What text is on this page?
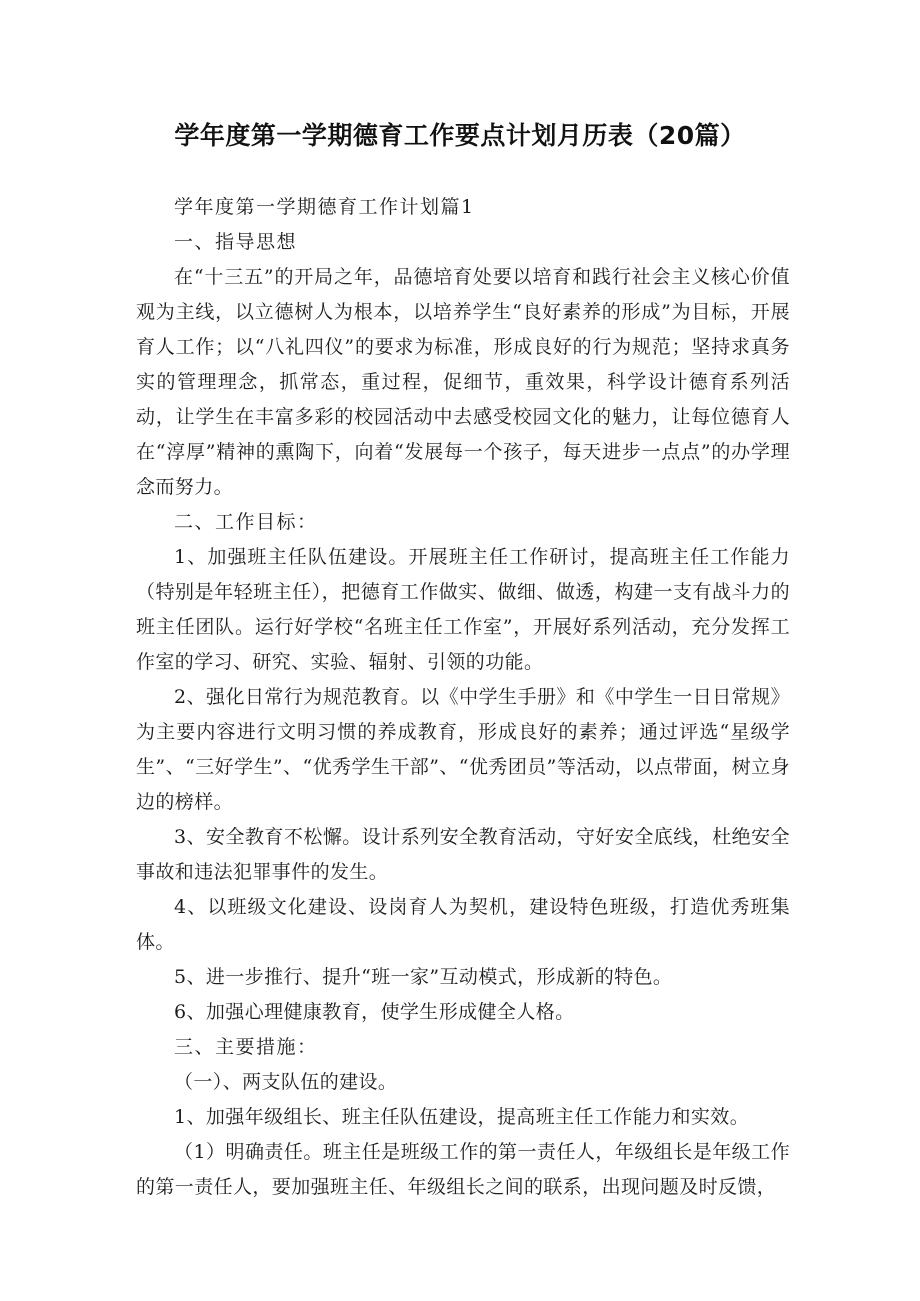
学年度第一学期德育工作要点计划月历表（20篇）

学年度第一学期德育工作计划篇1

一、指导思想

在“十三五”的开局之年，品德培育处要以培育和践行社会主义核心价值观为主线，以立德树人为根本，以培养学生“良好素养的形成”为目标，开展育人工作；以“八礼四仪”的要求为标准，形成良好的行为规范；坚持求真务实的管理理念，抓常态，重过程，促细节，重效果，科学设计德育系列活动，让学生在丰富多彩的校园活动中去感受校园文化的魅力，让每位德育人在“淳厚”精神的熏陶下，向着“发展每一个孩子，每天进步一点点”的办学理念而努力。

二、工作目标：

1、加强班主任队伍建设。开展班主任工作研讨，提高班主任工作能力（特别是年轻班主任），把德育工作做实、做细、做透，构建一支有战斗力的班主任团队。运行好学校“名班主任工作室”，开展好系列活动，充分发挥工作室的学习、研究、实验、辐射、引领的功能。

2、强化日常行为规范教育。以《中学生手册》和《中学生一日日常规》为主要内容进行文明习惯的养成教育，形成良好的素养；通过评选“星级学生”、“三好学生”、“优秀学生干部”、“优秀团员”等活动，以点带面，树立身边的榜样。

3、安全教育不松懈。设计系列安全教育活动，守好安全底线，杜绝安全事故和违法犯罪事件的发生。

4、以班级文化建设、设岗育人为契机，建设特色班级，打造优秀班集体。

5、进一步推行、提升“班一家”互动模式，形成新的特色。

6、加强心理健康教育，使学生形成健全人格。

三、主要措施：

（一）、两支队伍的建设。

1、加强年级组长、班主任队伍建设，提高班主任工作能力和实效。

（1）明确责任。班主任是班级工作的第一责任人，年级组长是年级工作的第一责任人，要加强班主任、年级组长之间的联系，出现问题及时反馈，
